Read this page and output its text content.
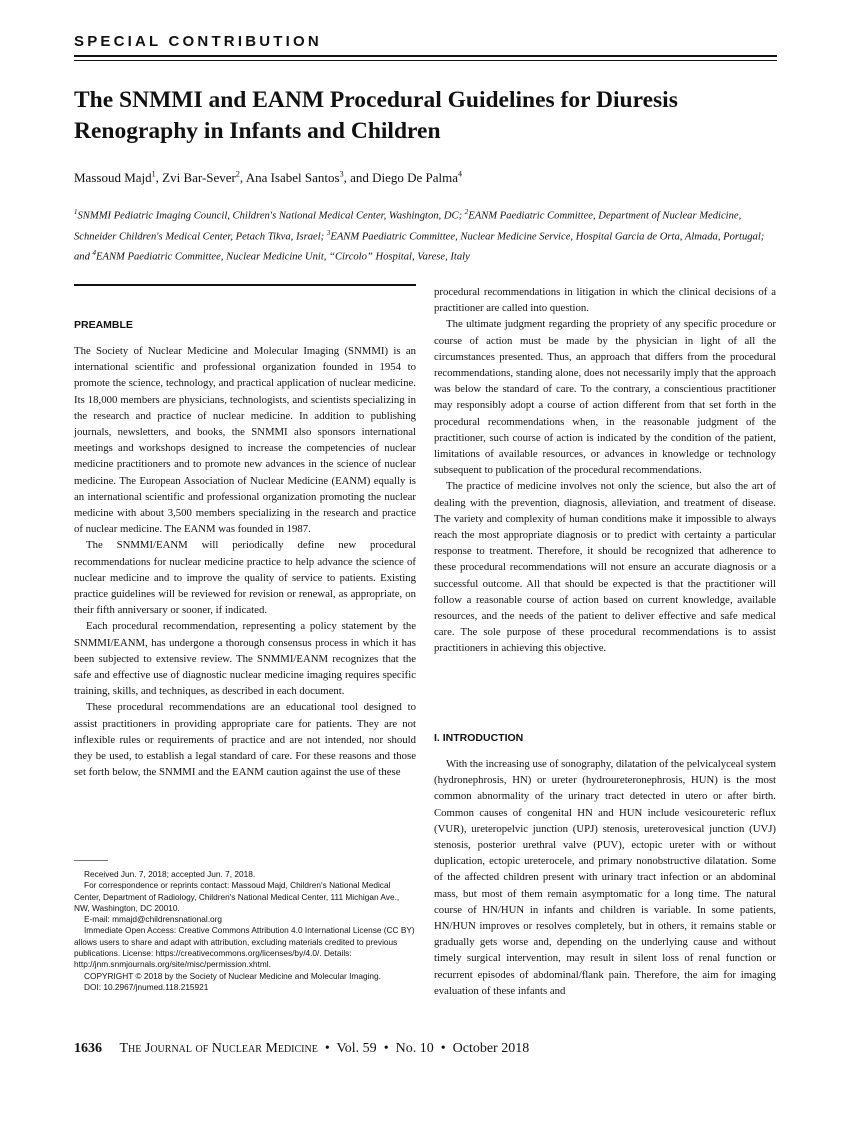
SPECIAL CONTRIBUTION
The SNMMI and EANM Procedural Guidelines for Diuresis Renography in Infants and Children
Massoud Majd$^1$, Zvi Bar-Sever$^2$, Ana Isabel Santos$^3$, and Diego De Palma$^4$
$^1$SNMMI Pediatric Imaging Council, Children's National Medical Center, Washington, DC; $^2$EANM Paediatric Committee, Department of Nuclear Medicine, Schneider Children's Medical Center, Petach Tikva, Israel; $^3$EANM Paediatric Committee, Nuclear Medicine Service, Hospital Garcia de Orta, Almada, Portugal; and $^4$EANM Paediatric Committee, Nuclear Medicine Unit, “Circolo” Hospital, Varese, Italy
PREAMBLE

The Society of Nuclear Medicine and Molecular Imaging (SNMMI) is an international scientific and professional organization founded in 1954 to promote the science, technology, and practical application of nuclear medicine. Its 18,000 members are physicians, technologists, and scientists specializing in the research and practice of nuclear medicine. In addition to publishing journals, newsletters, and books, the SNMMI also sponsors international meetings and workshops designed to increase the competencies of nuclear medicine practitioners and to promote new advances in the science of nuclear medicine. The European Association of Nuclear Medicine (EANM) equally is an international scientific and professional organization promoting the nuclear medicine with about 3,500 members specializing in the research and practice of nuclear medicine. The EANM was founded in 1987.

The SNMMI/EANM will periodically define new procedural recommendations for nuclear medicine practice to help advance the science of nuclear medicine and to improve the quality of service to patients. Existing practice guidelines will be reviewed for revision or renewal, as appropriate, on their fifth anniversary or sooner, if indicated.

Each procedural recommendation, representing a policy statement by the SNMMI/EANM, has undergone a thorough consensus process in which it has been subjected to extensive review. The SNMMI/EANM recognizes that the safe and effective use of diagnostic nuclear medicine imaging requires specific training, skills, and techniques, as described in each document.

These procedural recommendations are an educational tool designed to assist practitioners in providing appropriate care for patients. They are not inflexible rules or requirements of practice and are not intended, nor should they be used, to establish a legal standard of care. For these reasons and those set forth below, the SNMMI and the EANM caution against the use of these

Received Jun. 7, 2018; accepted Jun. 7, 2018.

For correspondence or reprints contact: Massoud Majd, Children's National Medical Center, Department of Radiology, Children's National Medical Center, 111 Michigan Ave., NW, Washington, DC 20010.

E-mail: mmajd@childrensnational.org

Immediate Open Access: Creative Commons Attribution 4.0 International License (CC BY) allows users to share and adapt with attribution, excluding materials credited to previous publications. License: https://creativecommons.org/licenses/by/4.0/. Details: http://jnm.snmjournals.org/site/misc/permission.xhtml.

COPYRIGHT © 2018 by the Society of Nuclear Medicine and Molecular Imaging.

DOI: 10.2967/jnumed.118.215921

procedural recommendations in litigation in which the clinical decisions of a practitioner are called into question.

The ultimate judgment regarding the propriety of any specific procedure or course of action must be made by the physician in light of all the circumstances presented. Thus, an approach that differs from the procedural recommendations, standing alone, does not necessarily imply that the approach was below the standard of care. To the contrary, a conscientious practitioner may responsibly adopt a course of action different from that set forth in the procedural recommendations when, in the reasonable judgment of the practitioner, such course of action is indicated by the condition of the patient, limitations of available resources, or advances in knowledge or technology subsequent to publication of the procedural recommendations.

The practice of medicine involves not only the science, but also the art of dealing with the prevention, diagnosis, alleviation, and treatment of disease. The variety and complexity of human conditions make it impossible to always reach the most appropriate diagnosis or to predict with certainty a particular response to treatment. Therefore, it should be recognized that adherence to these procedural recommendations will not ensure an accurate diagnosis or a successful outcome. All that should be expected is that the practitioner will follow a reasonable course of action based on current knowledge, available resources, and the needs of the patient to deliver effective and safe medical care. The sole purpose of these procedural recommendations is to assist practitioners in achieving this objective.

I. INTRODUCTION

With the increasing use of sonography, dilatation of the pelvicalyceal system (hydronephrosis, HN) or ureter (hydroureteronephrosis, HUN) is the most common abnormality of the urinary tract detected in utero or after birth. Common causes of congenital HN and HUN include vesicoureteric reflux (VUR), ureteropelvic junction (UPJ) stenosis, ureterovesical junction (UVJ) stenosis, posterior urethral valve (PUV), ectopic ureter with or without duplication, ectopic ureterocele, and primary nonobstructive dilatation. Some of the affected children present with urinary tract infection or an abdominal mass, but most of them remain asymptomatic for a long time. The natural course of HN/HUN in infants and children is variable. In some patients, HN/HUN improves or resolves completely, but in others, it remains stable or gradually gets worse and, depending on the underlying cause and without timely surgical intervention, may result in silent loss of renal function or recurrent episodes of abdominal/flank pain. Therefore, the aim for imaging evaluation of these infants and

1636 The Journal of Nuclear Medicine • Vol. 59 • No. 10 • October 2018
